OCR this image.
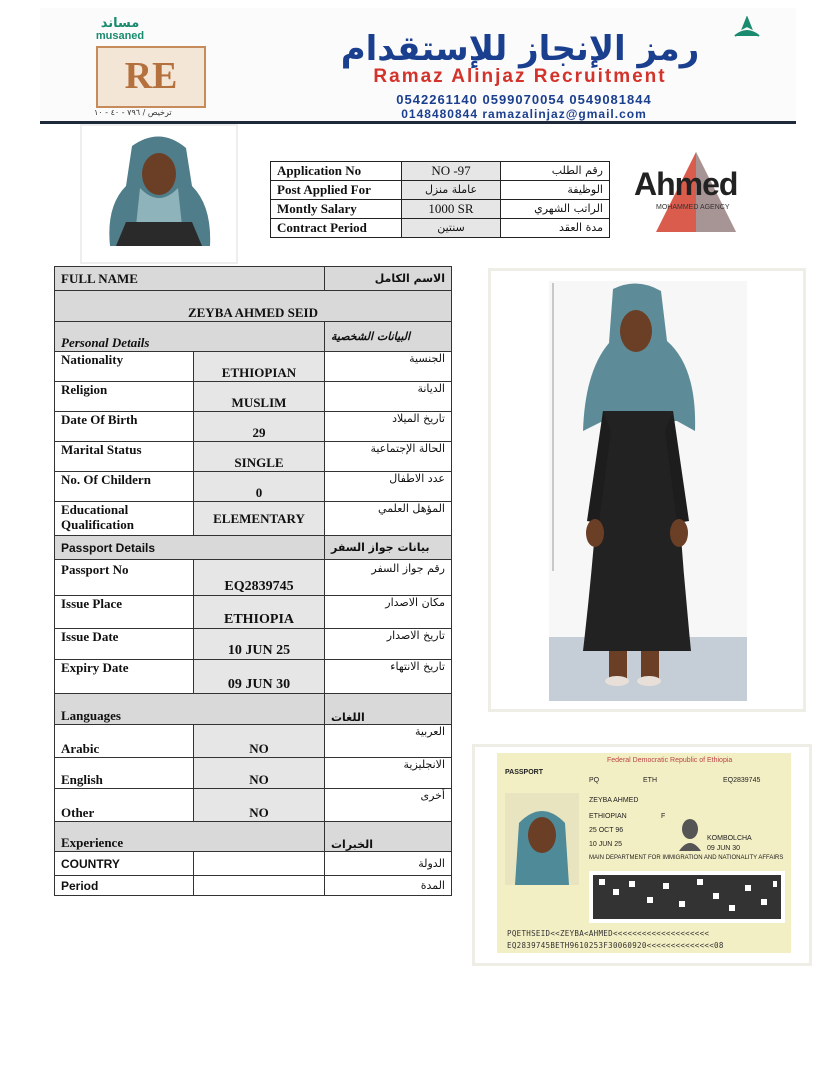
مساند
musaned
RE
ترخيص / ٧٩٦ - ٤٠ - ١٠
رمز الإنجاز للإستقدام
Ramaz Alinjaz Recruitment
0542261140 0599070054 0549081844
0148480844 ramazalinjaz@gmail.com
Application No	NO -97	رقم الطلب
Post Applied For	عاملة منزل	الوظيفة
Montly Salary	1000 SR	الراتب الشهري
Contract Period	سنتين	مدة العقد
Ahmed
MOHAMMED AGENCY
FULL NAME		الاسم الكامل
ZEYBA AHMED SEID		
Personal Details		البيانات الشخصية
Nationality	ETHIOPIAN	الجنسية
Religion	MUSLIM	الديانة
Date Of Birth	29	تاريخ الميلاد
Marital Status	SINGLE	الحالة الإجتماعية
No. Of Childern	0	عدد الاطفال
Educational Qualification	ELEMENTARY	المؤهل العلمي
Passport Details		بيانات جواز السفر
Passport No	EQ2839745	رقم جواز السفر
Issue Place	ETHIOPIA	مكان الاصدار
Issue Date	10 JUN 25	تاريخ الاصدار
Expiry Date	09 JUN 30	تاريخ الانتهاء
Languages		اللغات
Arabic	NO	العربية
English	NO	الانجليزية
Other	NO	أخرى
Experience		الخبرات
COUNTRY		الدولة
Period		المدة
Federal Democratic Republic of Ethiopia
PASSPORT
PQ	ETH	EQ2839745
ZEYBA AHMED
ETHIOPIAN	F
25 OCT 96
KOMBOLCHA
10 JUN 25
09 JUN 30
MAIN DEPARTMENT FOR IMMIGRATION AND NATIONALITY AFFAIRS
PQETHSEID<<ZEYBA<AHMED<<<<<<<<<<<<<<<<<<<<
EQ2839745BETH9610253F30060920<<<<<<<<<<<<<<08
